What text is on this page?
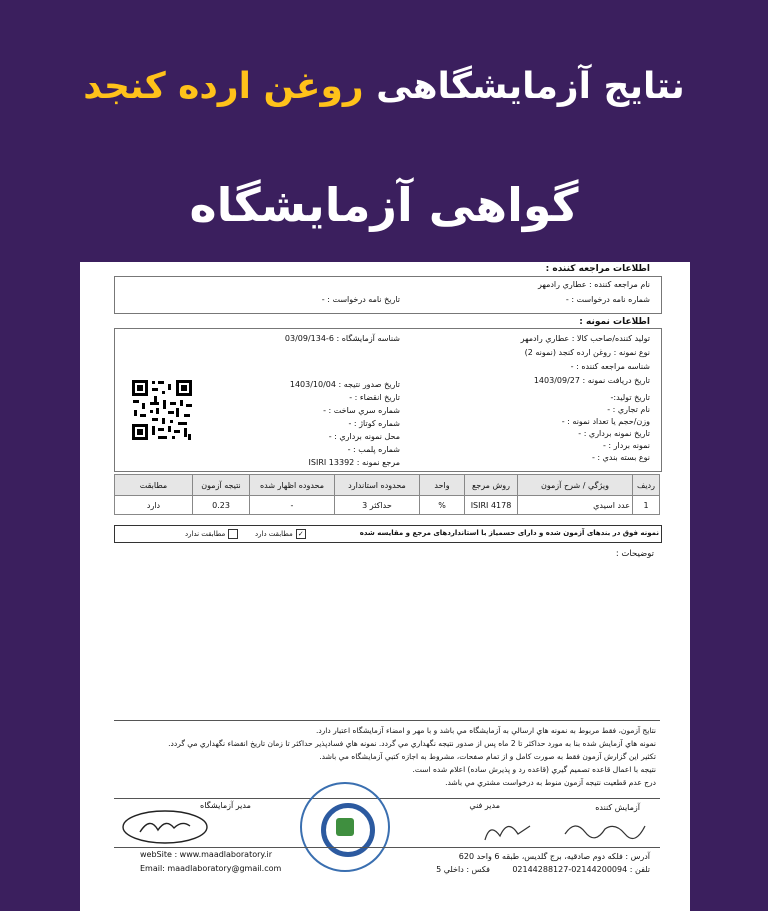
نتایج آزمایشگاهی روغن ارده کنجد
گواهی آزمایشگاه
اطلاعات مراجعه کننده :
نام مراجعه کننده : عطاري رادمهر
شماره نامه درخواست : -
تاريخ نامه درخواست : -
اطلاعات نمونه :
توليد كننده/صاحب كالا : عطاري رادمهر
نوع نمونه : روغن ارده كنجد (نمونه 2)
شناسه مراجعه كننده : -
تاريخ دريافت نمونه : 1403/09/27
تاريخ توليد:-
نام تجاري : -
وزن/حجم يا تعداد نمونه : -
تاريخ نمونه برداري : -
نمونه بردار : -
نوع بسته بندي : -
شناسه آزمايشگاه : 6-03/09/134
تاريخ صدور نتيجه : 1403/10/04
تاريخ انقضاء : -
شماره سري ساخت : -
شماره كوتاژ : -
محل نمونه برداري : -
شماره پلمب : -
مرجع نمونه : ISIRI 13392
رديف	ويژگي / شرح آزمون	روش مرجع	واحد	محدوده استاندارد	محدوده اظهار شده	نتيجه آزمون	مطابقت
1	عدد اسيدي	ISIRI 4178	%	حداكثر 3	-	0.23	دارد
نمونه فوق در بندهای آزمون شده و دارای حسمیاز با استانداردهای مرجع و مقایسه شده
✓مطابقت دارد
مطابقت ندارد
توضيحات :
نتايج آزمون، فقط مربوط به نمونه هاي ارسالي به آزمايشگاه مي باشد و با مهر و امضاء آزمايشگاه اعتبار دارد.
نمونه هاي آزمايش شده بنا به مورد حداكثر تا 2 ماه پس از صدور نتيجه نگهداري مي گردد. نمونه هاي فسادپذير حداكثر تا زمان تاريخ انقضاء نگهداري مي گردد.
تكثير اين گزارش آزمون فقط به صورت كامل و از تمام صفحات، مشروط به اجازه كتبي آزمايشگاه مي باشد.
نتيجه با اعمال قاعده تصميم گيري (قاعده رد و پذيرش ساده) اعلام شده است.
درج عدم قطعيت نتيجه آزمون منوط به درخواست مشتري مي باشد.
آزمايش كننده
مدير فني
مدير آزمايشگاه
آدرس : فلكه دوم صادقيه، برج گلديس، طبقه 6 واحد 620
تلفن : 02144200094-02144288127
فكس : داخلي 5
webSite : www.maadlaboratory.ir
Email: maadlaboratory@gmail.com
